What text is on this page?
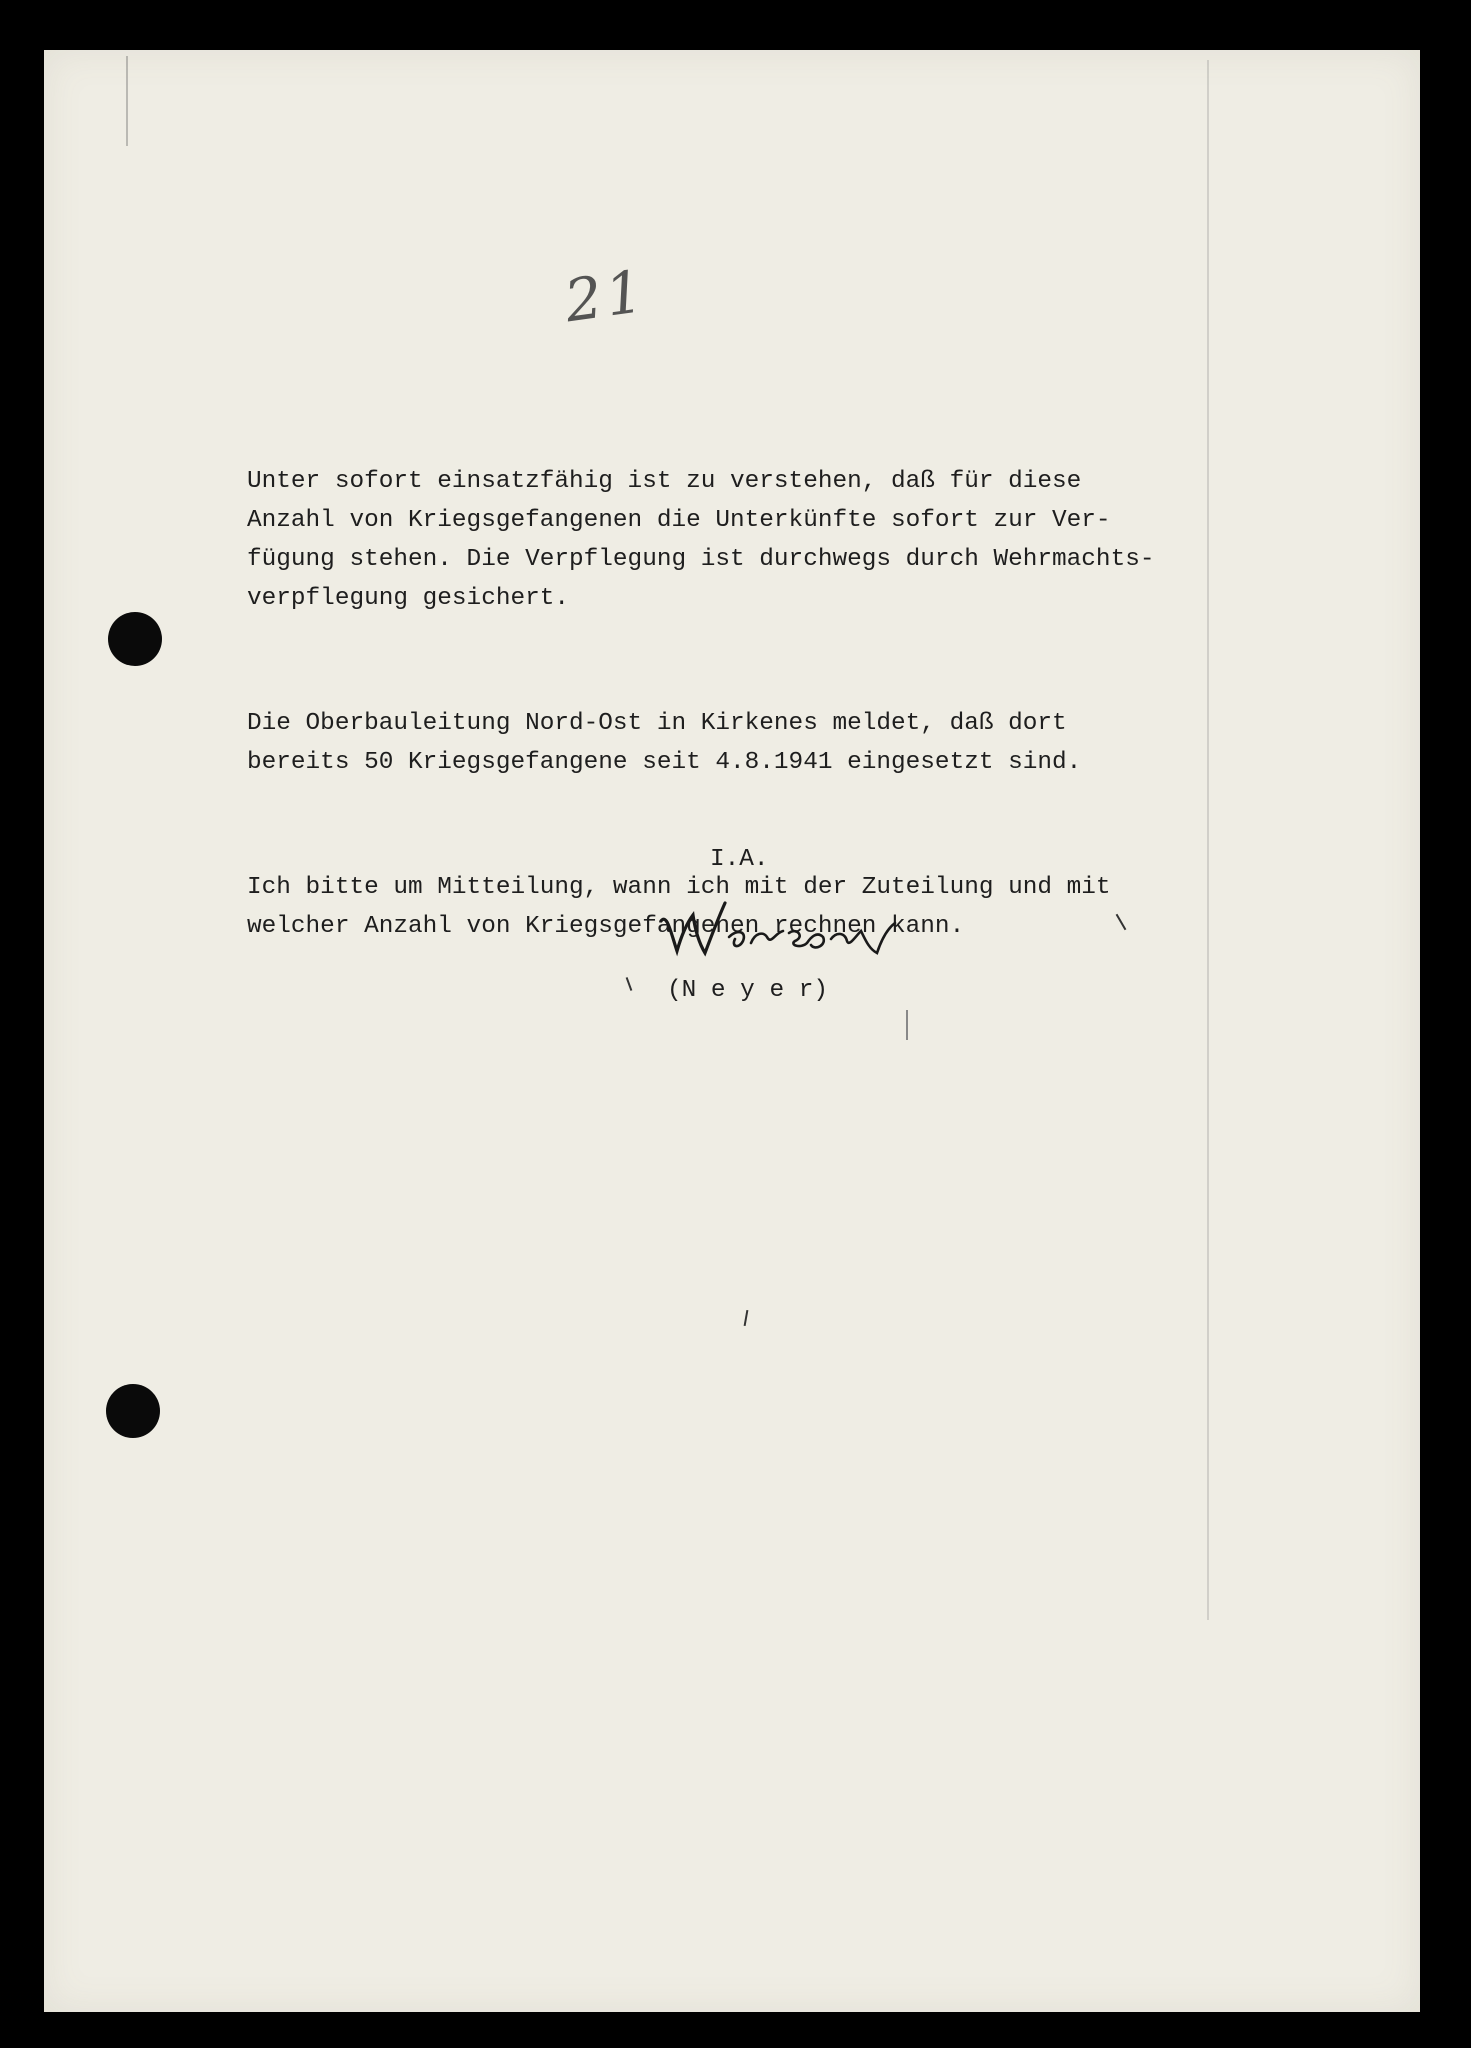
21

Unter sofort einsatzfähig ist zu verstehen, daß für diese
Anzahl von Kriegsgefangenen die Unterkünfte sofort zur Ver-
fügung stehen. Die Verpflegung ist durchwegs durch Wehrmachts-
verpflegung gesichert.

Die Oberbauleitung Nord-Ost in Kirkenes meldet, daß dort
bereits 50 Kriegsgefangene seit 4.8.1941 eingesetzt sind.

Ich bitte um Mitteilung, wann ich mit der Zuteilung und mit
welcher Anzahl von Kriegsgefangenen rechnen kann.

I.A.
(N e y e r)
